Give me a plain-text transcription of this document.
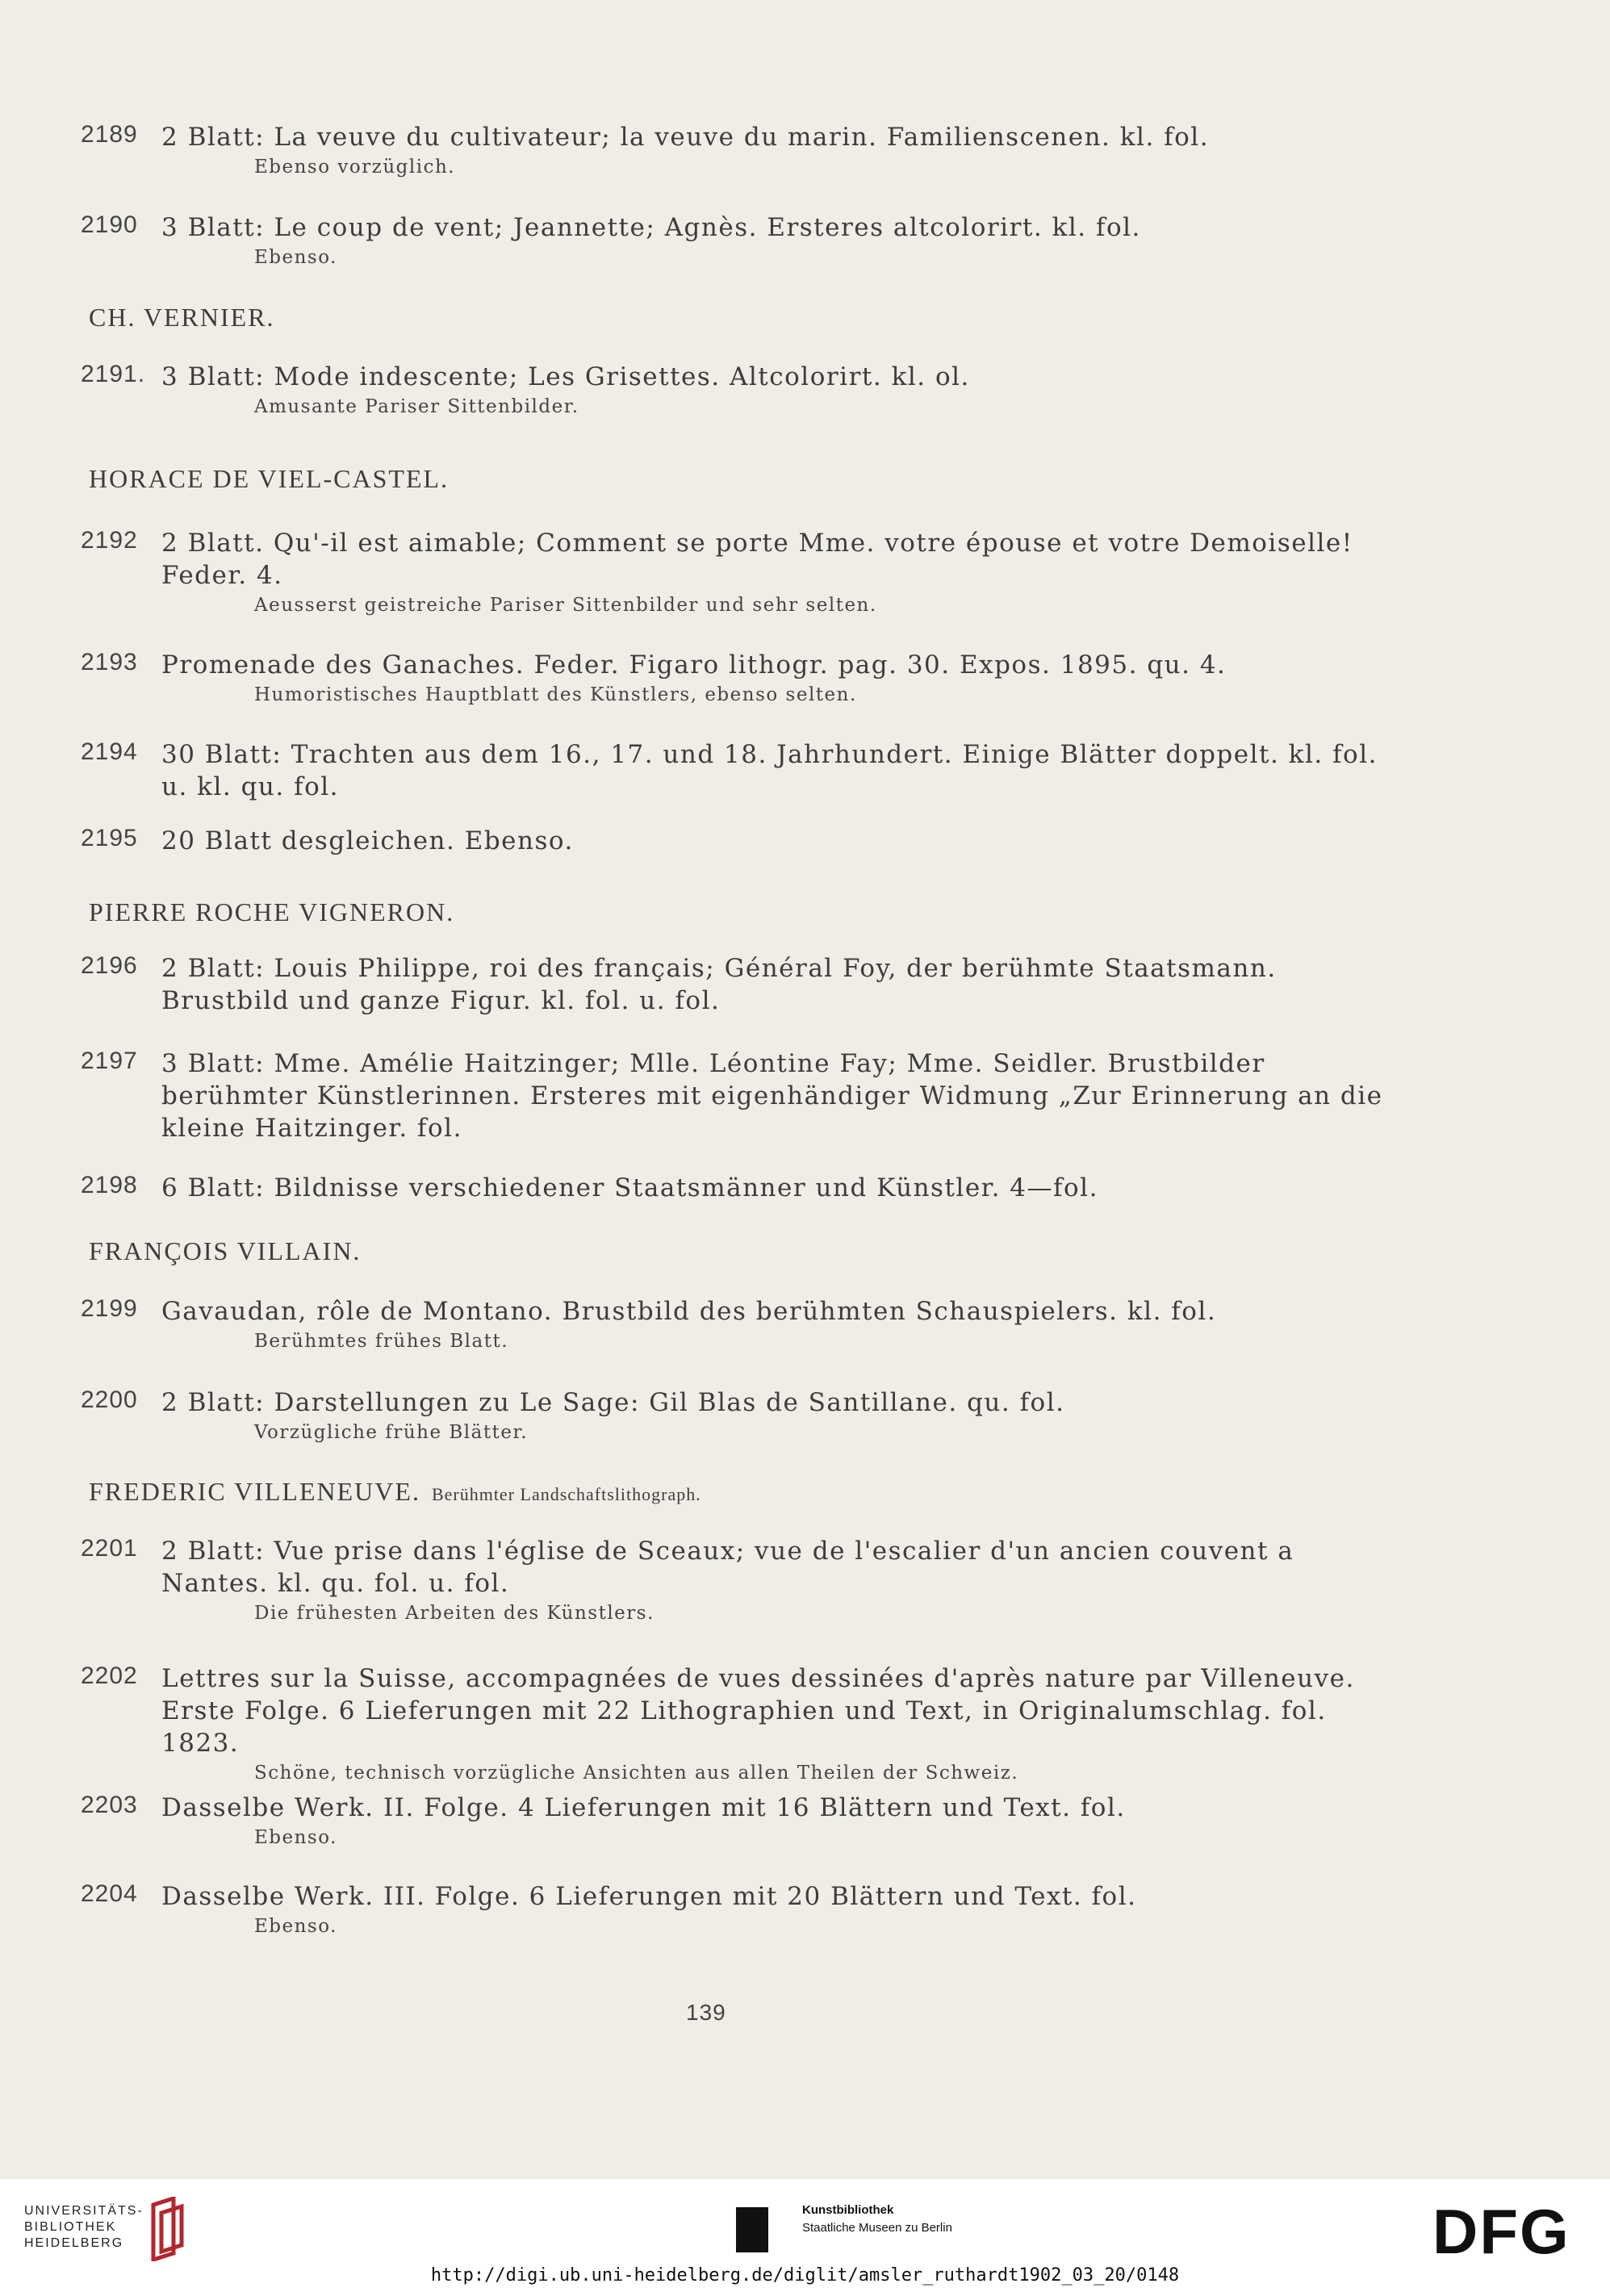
2189 2 Blatt: La veuve du cultivateur; la veuve du marin. Familienscenen. kl. fol.
Ebenso vorzüglich.
2190 3 Blatt: Le coup de vent; Jeannette; Agnès. Ersteres altcolorirt. kl. fol.
Ebenso.
CH. VERNIER.
2191. 3 Blatt: Mode indescente; Les Grisettes. Altcolorirt. kl. ol.
Amusante Pariser Sittenbilder.
HORACE DE VIEL-CASTEL.
2192 2 Blatt. Qu'-il est aimable; Comment se porte Mme. votre épouse et votre Demoiselle! Feder. 4.
Aeusserst geistreiche Pariser Sittenbilder und sehr selten.
2193 Promenade des Ganaches. Feder. Figaro lithogr. pag. 30. Expos. 1895. qu. 4.
Humoristisches Hauptblatt des Künstlers, ebenso selten.
2194 30 Blatt: Trachten aus dem 16., 17. und 18. Jahrhundert. Einige Blätter doppelt. kl. fol. u. kl. qu. fol.
2195 20 Blatt desgleichen. Ebenso.
PIERRE ROCHE VIGNERON.
2196 2 Blatt: Louis Philippe, roi des français; Général Foy, der berühmte Staatsmann. Brustbild und ganze Figur. kl. fol. u. fol.
2197 3 Blatt: Mme. Amélie Haitzinger; Mlle. Léontine Fay; Mme. Seidler. Brustbilder berühmter Künstlerinnen. Ersteres mit eigenhändiger Widmung „Zur Erinnerung an die kleine Haitzinger. fol.
2198 6 Blatt: Bildnisse verschiedener Staatsmänner und Künstler. 4—fol.
FRANÇOIS VILLAIN.
2199 Gavaudan, rôle de Montano. Brustbild des berühmten Schauspielers. kl. fol.
Berühmtes frühes Blatt.
2200 2 Blatt: Darstellungen zu Le Sage: Gil Blas de Santillane. qu. fol.
Vorzügliche frühe Blätter.
FREDERIC VILLENEUVE. Berühmter Landschaftslithograph.
2201 2 Blatt: Vue prise dans l'église de Sceaux; vue de l'escalier d'un ancien couvent a Nantes. kl. qu. fol. u. fol.
Die frühesten Arbeiten des Künstlers.
2202 Lettres sur la Suisse, accompagnées de vues dessinées d'après nature par Villeneuve. Erste Folge. 6 Lieferungen mit 22 Lithographien und Text, in Originalumschlag. fol. 1823.
Schöne, technisch vorzügliche Ansichten aus allen Theilen der Schweiz.
2203 Dasselbe Werk. II. Folge. 4 Lieferungen mit 16 Blättern und Text. fol.
Ebenso.
2204 Dasselbe Werk. III. Folge. 6 Lieferungen mit 20 Blättern und Text. fol.
Ebenso.
139
UNIVERSITÄTS-
BIBLIOTHEK
HEIDELBERG
Kunstbibliothek
Staatliche Museen zu Berlin	DFG
http://digi.ub.uni-heidelberg.de/diglit/amsler_ruthardt1902_03_20/0148
